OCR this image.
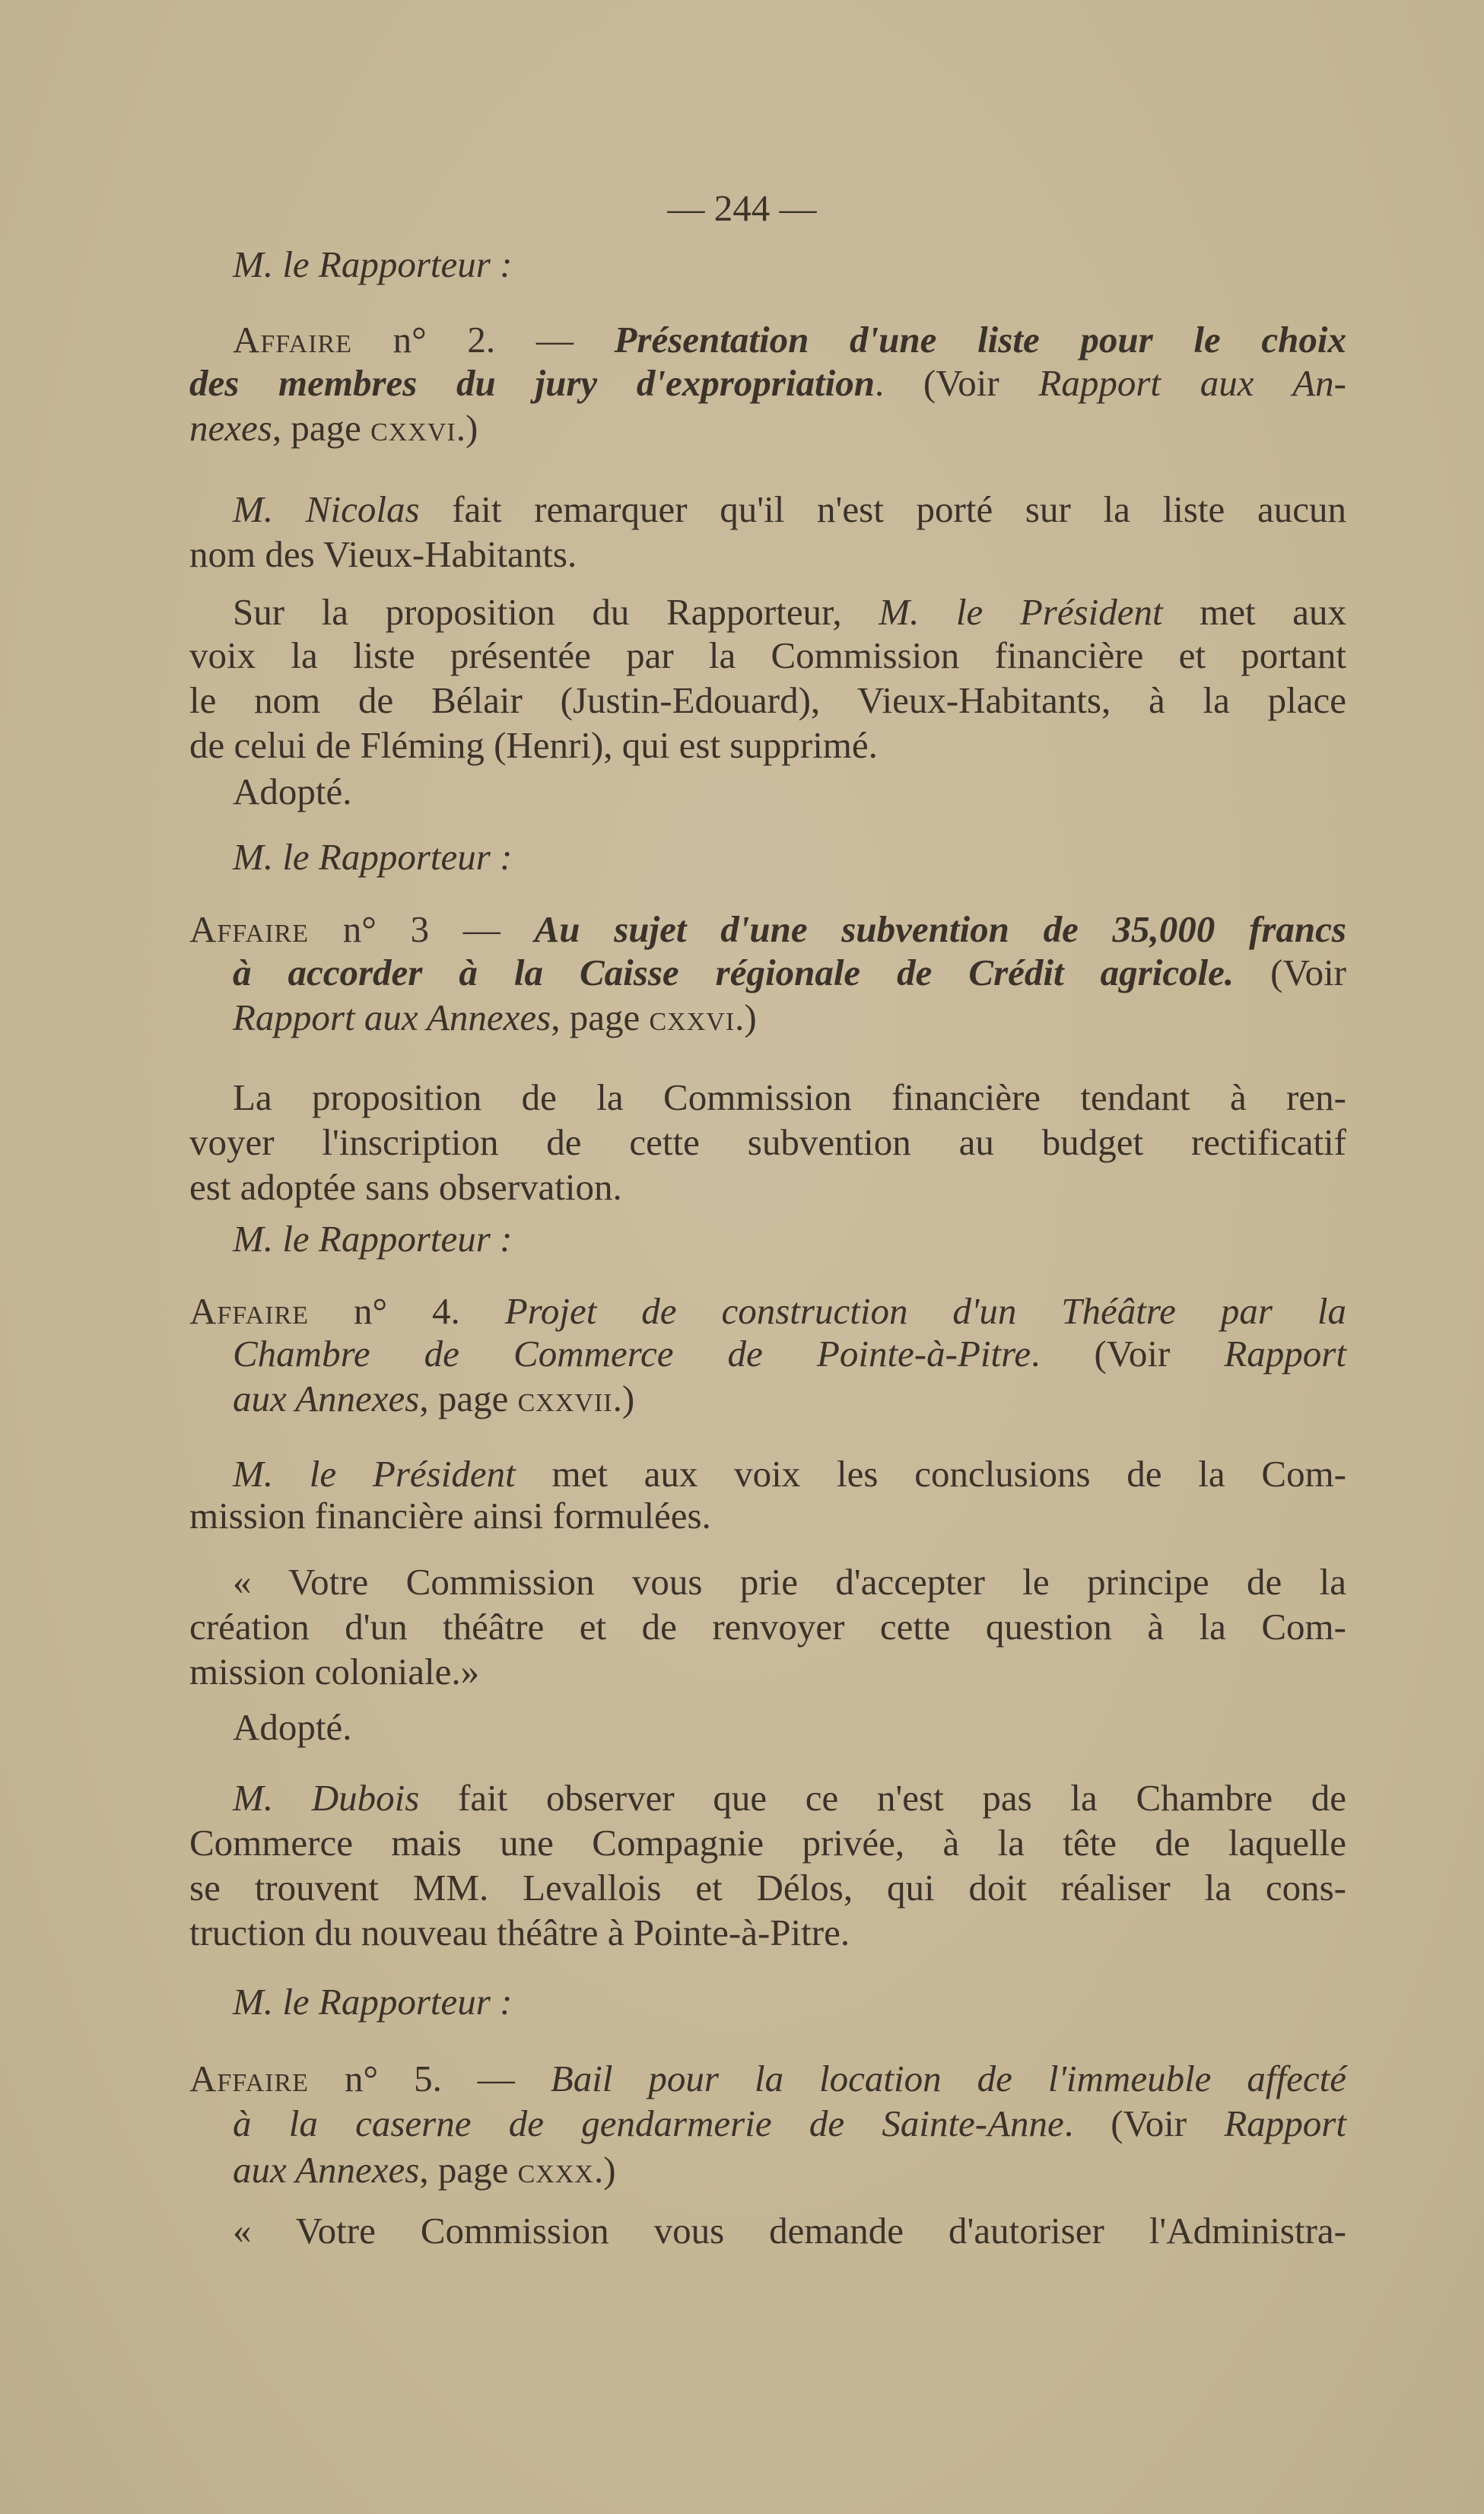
— 244 —
M. le Rapporteur :
Affaire n° 2. — Présentation d'une liste pour le choix
des membres du jury d'expropriation. (Voir Rapport aux An-
nexes, page cxxvi.)
M. Nicolas fait remarquer qu'il n'est porté sur la liste aucun
nom des Vieux-Habitants.
Sur la proposition du Rapporteur, M. le Président met aux
voix la liste présentée par la Commission financière et portant
le nom de Bélair (Justin-Edouard), Vieux-Habitants, à la place
de celui de Fléming (Henri), qui est supprimé.
Adopté.
M. le Rapporteur :
Affaire n° 3 — Au sujet d'une subvention de 35,000 francs
à accorder à la Caisse régionale de Crédit agricole. (Voir
Rapport aux Annexes, page cxxvi.)
La proposition de la Commission financière tendant à ren-
voyer l'inscription de cette subvention au budget rectificatif
est adoptée sans observation.
M. le Rapporteur :
Affaire n° 4. Projet de construction d'un Théâtre par la
Chambre de Commerce de Pointe-à-Pitre. (Voir Rapport
aux Annexes, page cxxvii.)
M. le Président met aux voix les conclusions de la Com-
mission financière ainsi formulées.
« Votre Commission vous prie d'accepter le principe de la
création d'un théâtre et de renvoyer cette question à la Com-
mission coloniale.»
Adopté.
M. Dubois fait observer que ce n'est pas la Chambre de
Commerce mais une Compagnie privée, à la tête de laquelle
se trouvent MM. Levallois et Délos, qui doit réaliser la cons-
truction du nouveau théâtre à Pointe-à-Pitre.
M. le Rapporteur :
Affaire n° 5. — Bail pour la location de l'immeuble affecté
à la caserne de gendarmerie de Sainte-Anne. (Voir Rapport
aux Annexes, page cxxx.)
« Votre Commission vous demande d'autoriser l'Administra-
